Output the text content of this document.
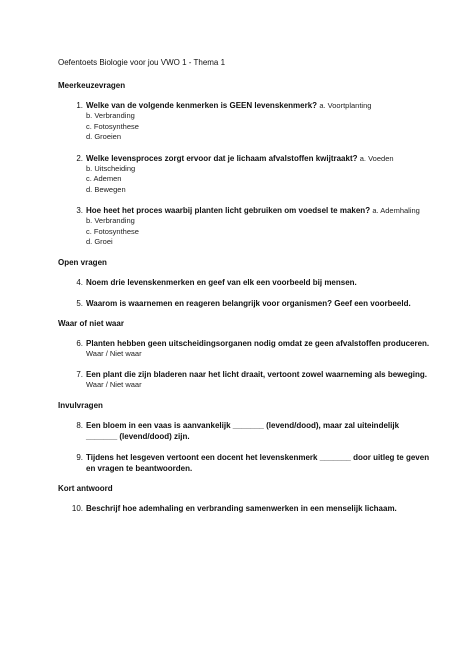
Oefentoets Biologie voor jou VWO 1 - Thema 1
Meerkeuzevragen
1. Welke van de volgende kenmerken is GEEN levenskenmerk? a. Voortplanting
b. Verbranding
c. Fotosynthese
d. Groeien
2. Welke levensproces zorgt ervoor dat je lichaam afvalstoffen kwijtraakt? a. Voeden
b. Uitscheiding
c. Ademen
d. Bewegen
3. Hoe heet het proces waarbij planten licht gebruiken om voedsel te maken? a. Ademhaling
b. Verbranding
c. Fotosynthese
d. Groei
Open vragen
4. Noem drie levenskenmerken en geef van elk een voorbeeld bij mensen.
5. Waarom is waarnemen en reageren belangrijk voor organismen? Geef een voorbeeld.
Waar of niet waar
6. Planten hebben geen uitscheidingsorganen nodig omdat ze geen afvalstoffen produceren.
Waar / Niet waar
7. Een plant die zijn bladeren naar het licht draait, vertoont zowel waarneming als beweging.
Waar / Niet waar
Invulvragen
8. Een bloem in een vaas is aanvankelijk _______ (levend/dood), maar zal uiteindelijk _______ (levend/dood) zijn.
9. Tijdens het lesgeven vertoont een docent het levenskenmerk _______ door uitleg te geven en vragen te beantwoorden.
Kort antwoord
10. Beschrijf hoe ademhaling en verbranding samenwerken in een menselijk lichaam.
